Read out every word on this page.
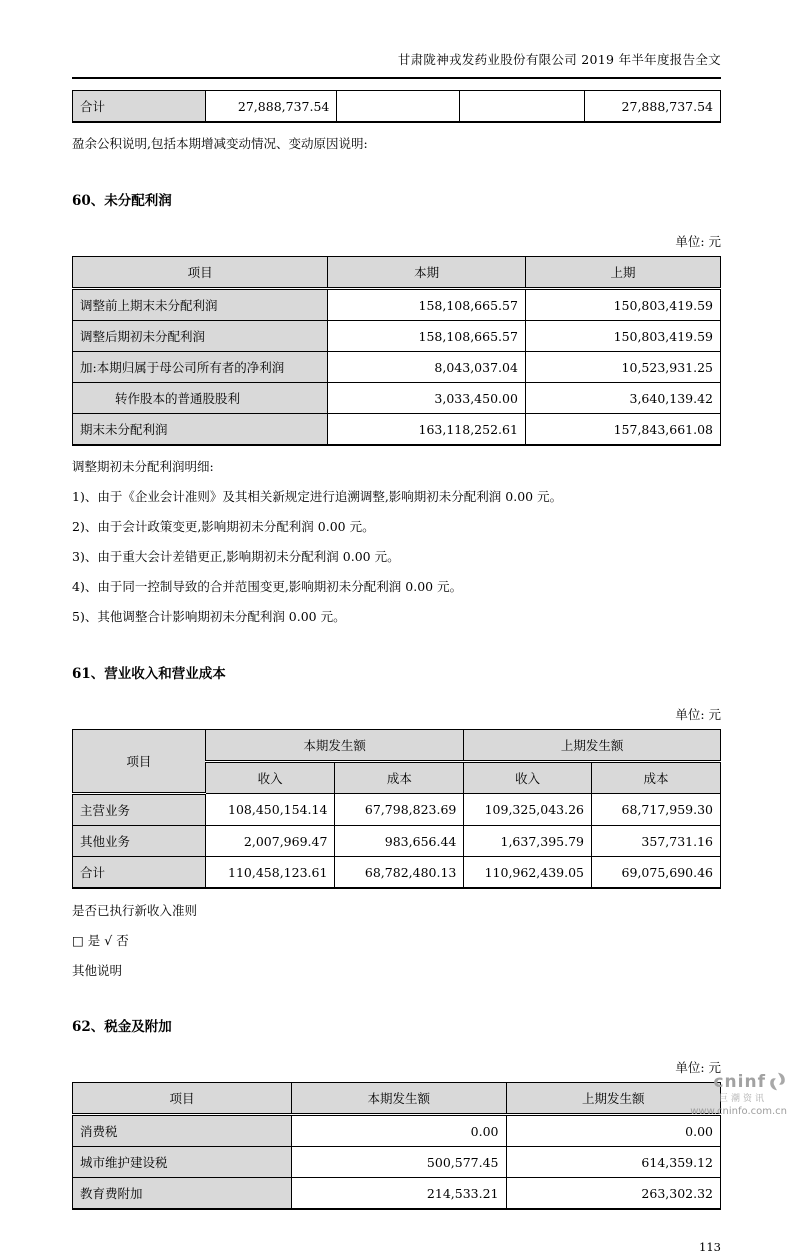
甘肃陇神戎发药业股份有限公司 2019 年半年度报告全文
合计	27,888,737.54			27,888,737.54

盈余公积说明,包括本期增减变动情况、变动原因说明:

60、未分配利润
单位: 元
项目	本期	上期
调整前上期末未分配利润	158,108,665.57	150,803,419.59
调整后期初未分配利润	158,108,665.57	150,803,419.59
加:本期归属于母公司所有者的净利润	8,043,037.04	10,523,931.25
转作股本的普通股股利	3,033,450.00	3,640,139.42
期末未分配利润	163,118,252.61	157,843,661.08

调整期初未分配利润明细:

1)、由于《企业会计准则》及其相关新规定进行追溯调整,影响期初未分配利润 0.00 元。

2)、由于会计政策变更,影响期初未分配利润 0.00 元。

3)、由于重大会计差错更正,影响期初未分配利润 0.00 元。

4)、由于同一控制导致的合并范围变更,影响期初未分配利润 0.00 元。

5)、其他调整合计影响期初未分配利润 0.00 元。

61、营业收入和营业成本
单位: 元
项目	本期发生额		上期发生额	
	收入	成本	收入	成本
主营业务	108,450,154.14	67,798,823.69	109,325,043.26	68,717,959.30
其他业务	2,007,969.47	983,656.44	1,637,395.79	357,731.16
合计	110,458,123.61	68,782,480.13	110,962,439.05	69,075,690.46

是否已执行新收入准则

□ 是 √ 否

其他说明

62、税金及附加
单位: 元
项目	本期发生额	上期发生额
消费税	0.00	0.00
城市维护建设税	500,577.45	614,359.12
教育费附加	214,533.21	263,302.32
113
cninf
巨潮资讯
www.cninfo.com.cn
